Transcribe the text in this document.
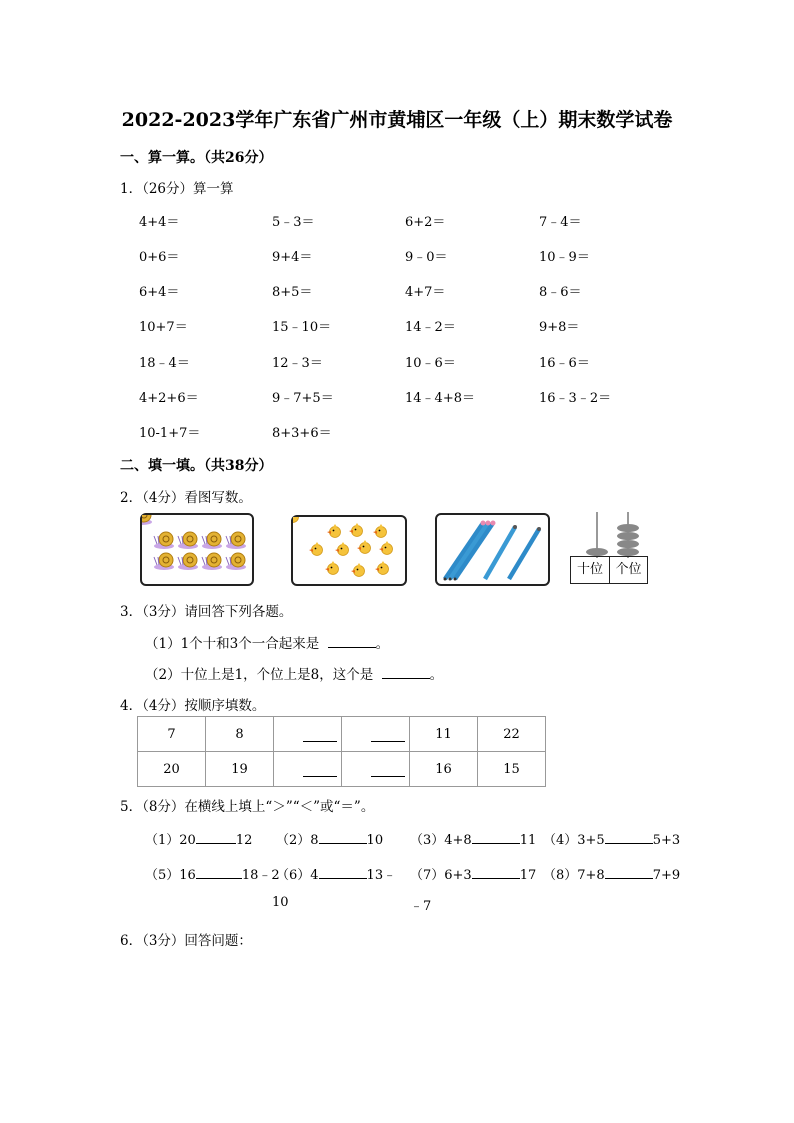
2022-2023学年广东省广州市黄埔区一年级（上）期末数学试卷
一、算一算。（共26分）
1．（26分）算一算
4+4＝	5﹣3＝	6+2＝	7﹣4＝
0+6＝	9+4＝	9﹣0＝	10﹣9＝
6+4＝	8+5＝	4+7＝	8﹣6＝
10+7＝	15﹣10＝	14﹣2＝	9+8＝
18﹣4＝	12﹣3＝	10﹣6＝	16﹣6＝
4+2+6＝	9﹣7+5＝	14﹣4+8＝	16﹣3﹣2＝
10-1+7＝	8+3+6＝
二、填一填。（共38分）
2．（4分）看图写数。
十位 个位
3．（3分）请回答下列各题。
（1）1个十和3个一合起来是	。
（2）十位上是1，个位上是8，这个是	。
4．（4分）按顺序填数。
7	8			11	22
20	19			16	15
5．（8分）在横线上填上“＞”“＜”或“＝”。
（1）20	12 （2）8	10 （3）4+8	11 （4）3+5	5+3
（5）16	18﹣2
（6）4	13﹣ （7）6+3	17 （8）7+8	7+9
10	﹣7
6．（3分）回答问题：
